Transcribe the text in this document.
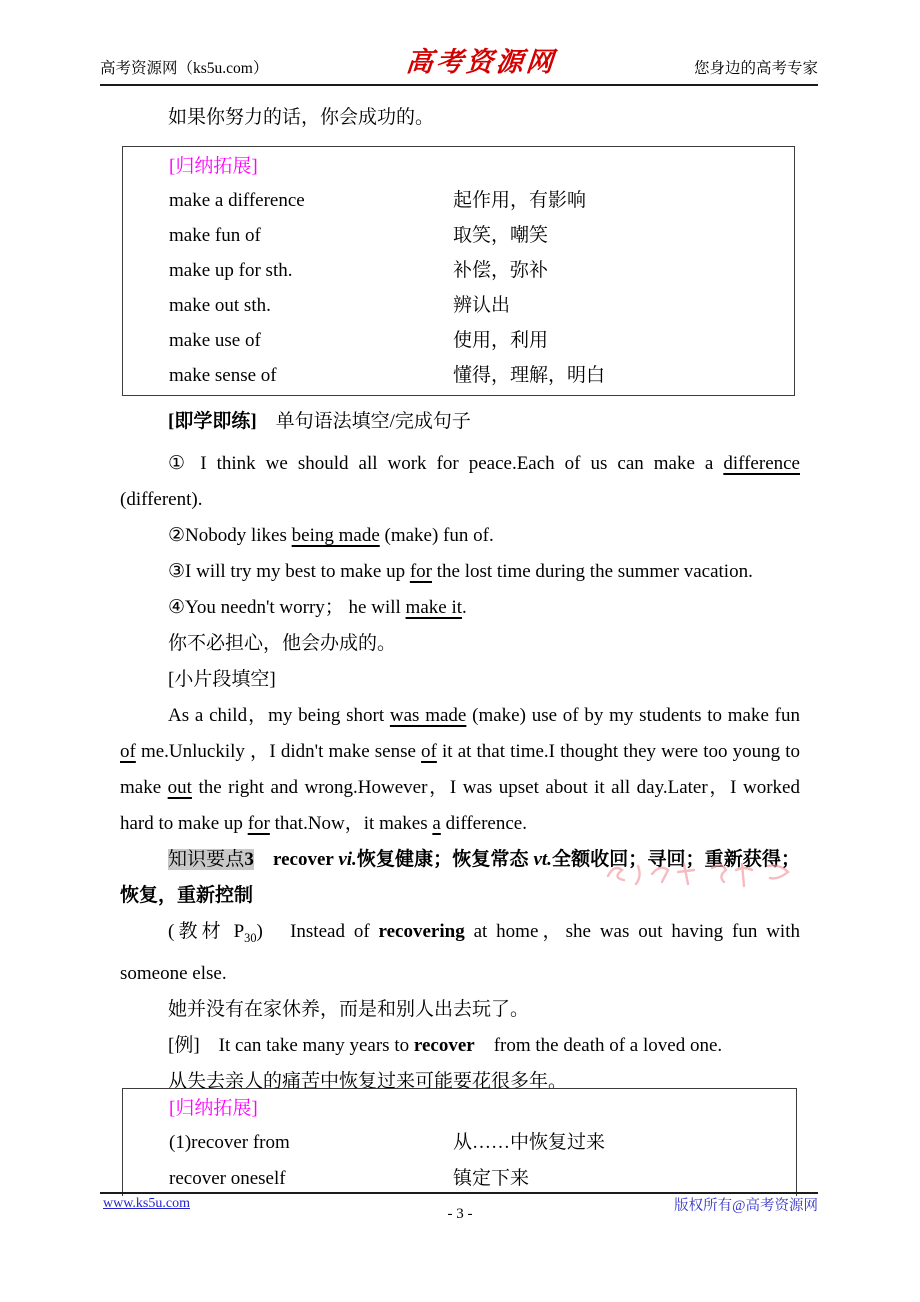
高考资源网（ks5u.com）	高考资源网	您身边的高考专家

如果你努力的话，你会成功的。

[归纳拓展]

make a difference	起作用，有影响
make fun of	取笑，嘲笑
make up for sth.	补偿，弥补
make out sth.	辨认出
make use of	使用，利用
make sense of	懂得，理解，明白

[即学即练]　单句语法填空/完成句子

① I think we should all work for peace.Each of us can make a difference (different).

②Nobody likes being made (make) fun of.

③I will try my best to make up for the lost time during the summer vacation.

④You needn't worry； he will make it.

你不必担心，他会办成的。

[小片段填空]

As a child，my being short was made (make) use of by my students to make fun of me.Unluckily ，I didn't make sense of it at that time.I thought they were too young to make out the right and wrong.However，I was upset about it all day.Later，I worked hard to make up for that.Now，it makes a difference.

知识要点3　 recover vi.恢复健康；恢复常态 vt.全额收回；寻回；重新获得；恢复，重新控制

(教材 $P_{30}$)　Instead of recovering at home，she was out having fun with someone else.

她并没有在家休养，而是和别人出去玩了。

[例]　It can take many years to recover　from the death of a loved one.

从失去亲人的痛苦中恢复过来可能要花很多年。

[归纳拓展]

(1)recover from	从……中恢复过来
recover oneself	镇定下来
www.ks5u.com	版权所有@高考资源网
- 3 -
